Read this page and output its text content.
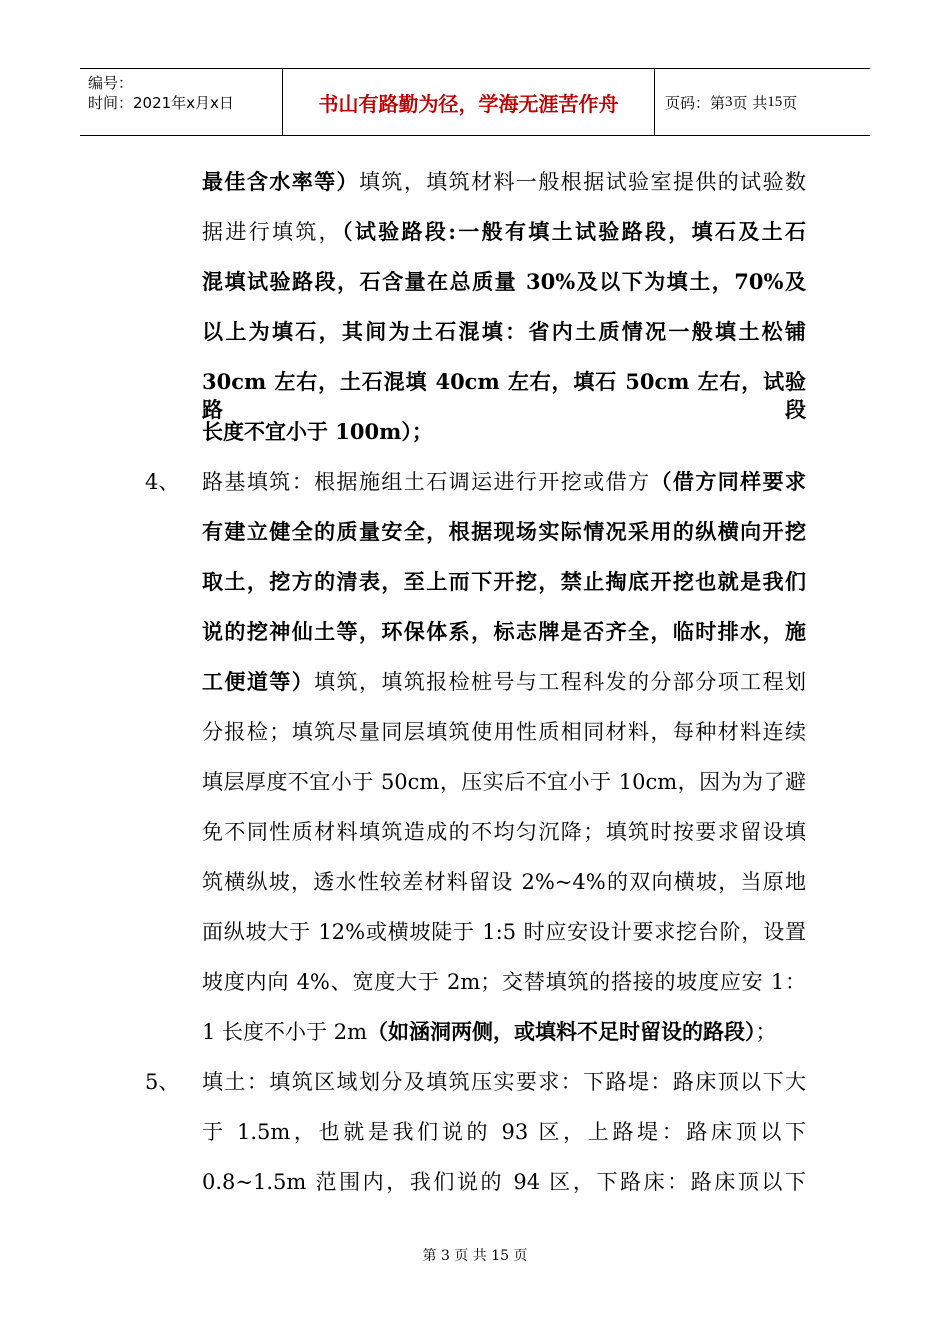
编号：
时间：2021年x月x日	书山有路勤为径，学海无涯苦作舟	页码：第 3 页 共 15 页
最佳含水率等）填筑，填筑材料一般根据试验室提供的试验数
据进行填筑，（试验路段:一般有填土试验路段，填石及土石
混填试验路段，石含量在总质量 30%及以下为填土，70%及
以上为填石，其间为土石混填：省内土质情况一般填土松铺
30cm 左右，土石混填 40cm 左右，填石 50cm 左右，试验路段
长度不宜小于 100m）；
4、 路基填筑：根据施组土石调运进行开挖或借方（借方同样要求
有建立健全的质量安全，根据现场实际情况采用的纵横向开挖
取土，挖方的清表，至上而下开挖，禁止掏底开挖也就是我们
说的挖神仙土等，环保体系，标志牌是否齐全，临时排水，施
工便道等）填筑，填筑报检桩号与工程科发的分部分项工程划
分报检；填筑尽量同层填筑使用性质相同材料，每种材料连续
填层厚度不宜小于 50cm，压实后不宜小于 10cm，因为为了避
免不同性质材料填筑造成的不均匀沉降；填筑时按要求留设填
筑横纵坡，透水性较差材料留设 2%~4%的双向横坡，当原地
面纵坡大于 12%或横坡陡于 1:5 时应安设计要求挖台阶，设置
坡度内向 4%、宽度大于 2m；交替填筑的搭接的坡度应安 1：
1 长度不小于 2m（如涵洞两侧，或填料不足时留设的路段）；
5、 填土：填筑区域划分及填筑压实要求：下路堤：路床顶以下大
于 1.5m，也就是我们说的 93 区，上路堤：路床顶以下
0.8~1.5m 范围内，我们说的 94 区，下路床：路床顶以下
第 3 页 共 15 页
